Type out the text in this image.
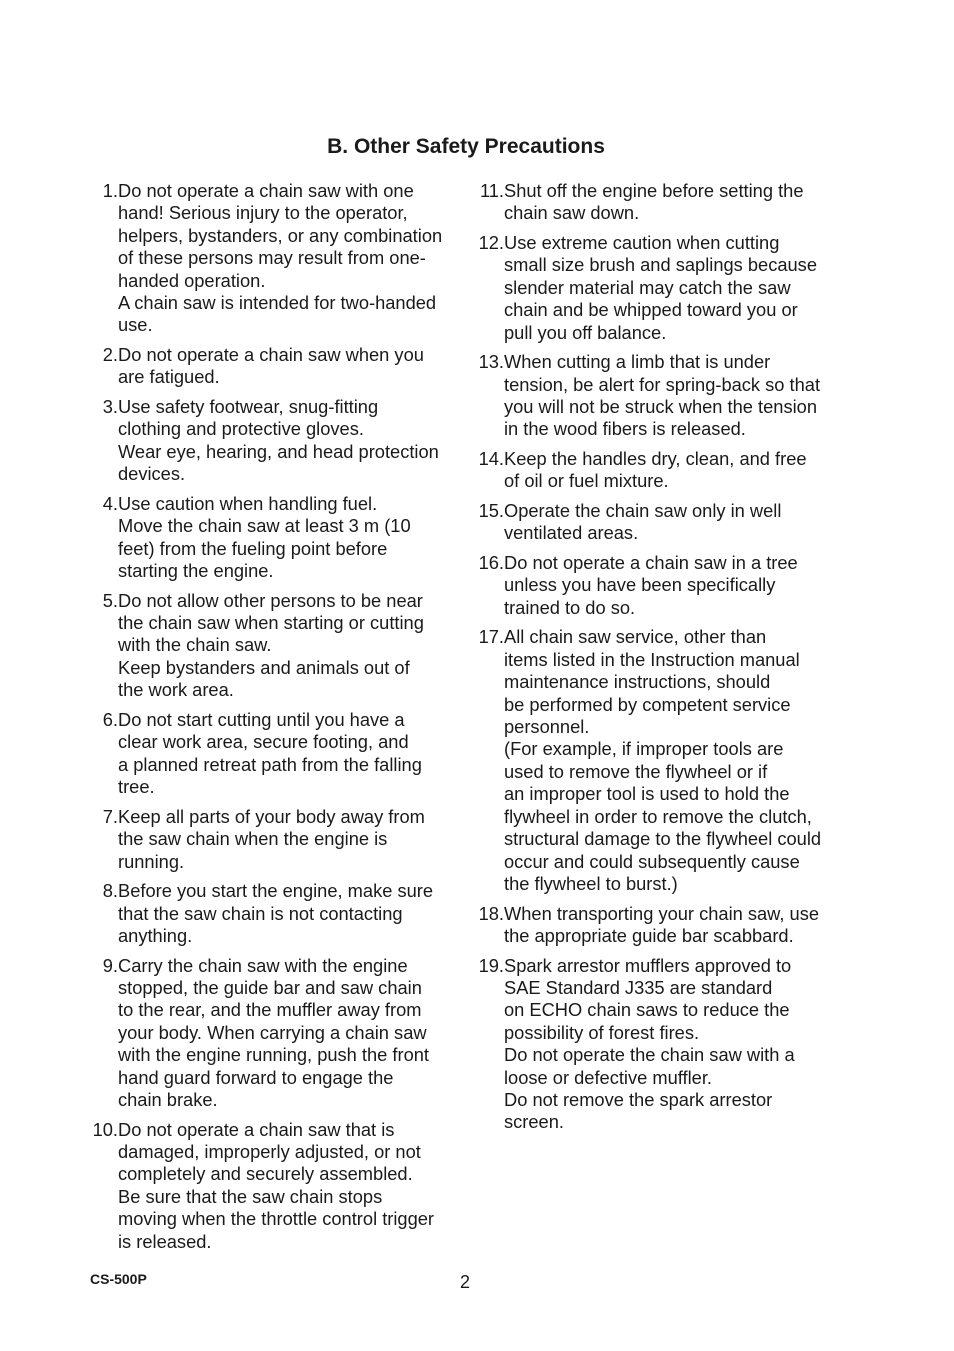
B. Other Safety Precautions
1. Do not operate a chain saw with one
hand! Serious injury to the operator,
helpers, bystanders, or any combination
of these persons may result from one-
handed operation.
A chain saw is intended for two-handed
use.
2. Do not operate a chain saw when you
are fatigued.
3. Use safety footwear, snug-fitting
clothing and protective gloves.
Wear eye, hearing, and head protection
devices.
4. Use caution when handling fuel.
Move the chain saw at least 3 m (10
feet) from the fueling point before
starting the engine.
5. Do not allow other persons to be near
the chain saw when starting or cutting
with the chain saw.
Keep bystanders and animals out of
the work area.
6. Do not start cutting until you have a
clear work area, secure footing, and
a planned retreat path from the falling
tree.
7. Keep all parts of your body away from
the saw chain when the engine is
running.
8. Before you start the engine, make sure
that the saw chain is not contacting
anything.
9. Carry the chain saw with the engine
stopped, the guide bar and saw chain
to the rear, and the muffler away from
your body. When carrying a chain saw
with the engine running, push the front
hand guard forward to engage the
chain brake.
10. Do not operate a chain saw that is
damaged, improperly adjusted, or not
completely and securely assembled.
Be sure that the saw chain stops
moving when the throttle control trigger
is released.
11. Shut off the engine before setting the
chain saw down.
12. Use extreme caution when cutting
small size brush and saplings because
slender material may catch the saw
chain and be whipped toward you or
pull you off balance.
13. When cutting a limb that is under
tension, be alert for spring-back so that
you will not be struck when the tension
in the wood fibers is released.
14. Keep the handles dry, clean, and free
of oil or fuel mixture.
15. Operate the chain saw only in well
ventilated areas.
16. Do not operate a chain saw in a tree
unless you have been specifically
trained to do so.
17. All chain saw service, other than
items listed in the Instruction manual
maintenance instructions, should
be performed by competent service
personnel.
(For example, if improper tools are
used to remove the flywheel or if
an improper tool is used to hold the
flywheel in order to remove the clutch,
structural damage to the flywheel could
occur and could subsequently cause
the flywheel to burst.)
18. When transporting your chain saw, use
the appropriate guide bar scabbard.
19. Spark arrestor mufflers approved to
SAE Standard J335 are standard
on ECHO chain saws to reduce the
possibility of forest fires.
Do not operate the chain saw with a
loose or defective muffler.
Do not remove the spark arrestor
screen.
CS-500P	2
